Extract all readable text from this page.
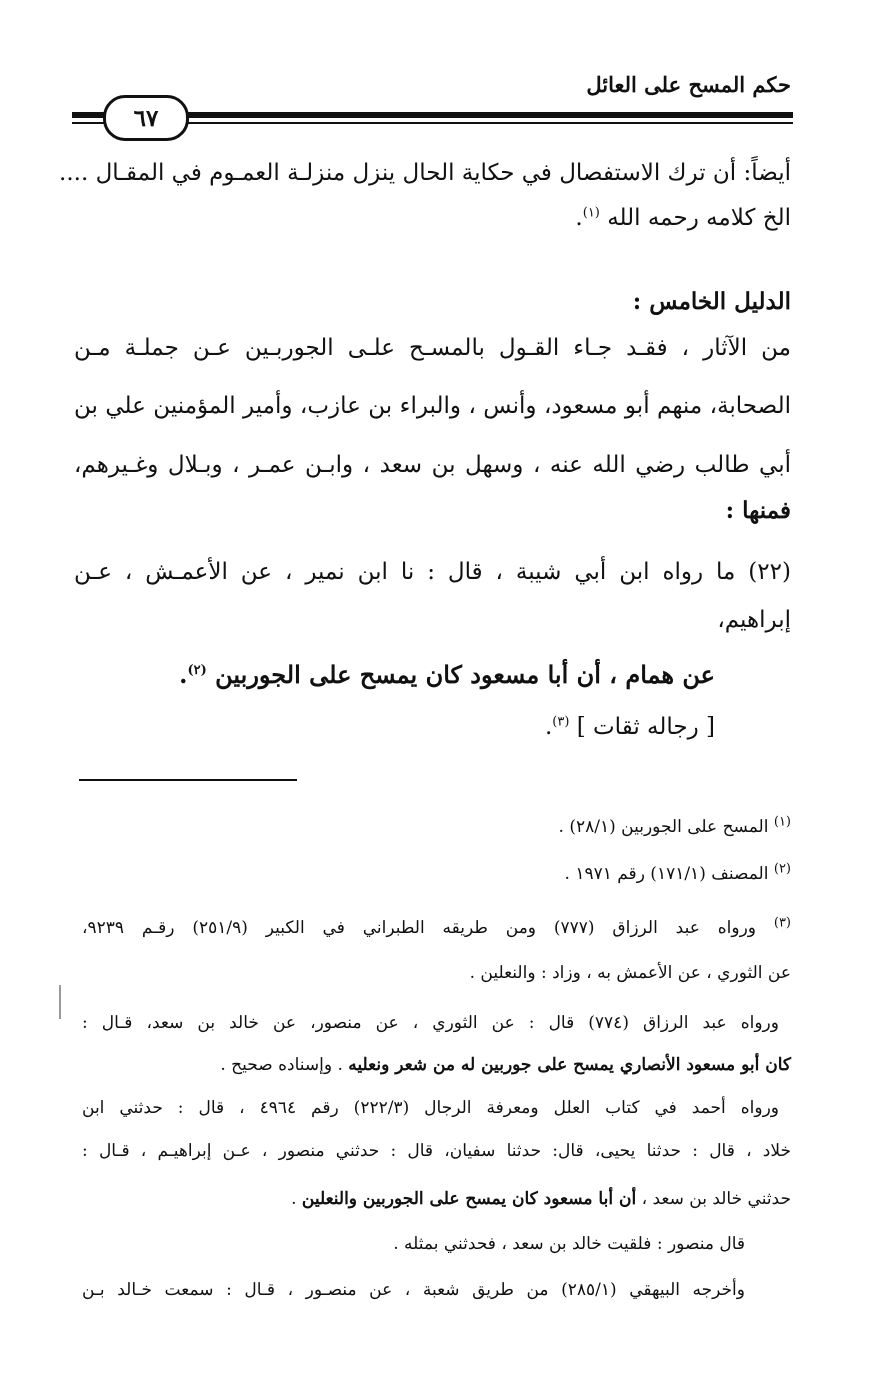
حكم المسح على العائل
٦٧
أيضاً: أن ترك الاستفصال في حكاية الحال ينزل منزلـة العمـوم في المقـال ....
الخ كلامه رحمه الله $^{(١)}$.
الدليل الخامس :
من الآثار ، فقـد جـاء القـول بالمسـح علـى الجوربـين عـن جملـة مـن
الصحابة، منهم أبو مسعود، وأنس ، والبراء بن عازب، وأمير المؤمنين علي بن
أبي طالب رضي الله عنه ، وسهل بن سعد ، وابـن عمـر ، وبـلال وغـيرهم،
فمنها :
(٢٢) ما رواه ابن أبي شيبة ، قال : نا ابن نمير ، عن الأعمـش ، عـن
إبراهيم،
عن همام ، أن أبا مسعود كان يمسح على الجوربين $^{(٢)}$.
[ رجاله ثقات ] $^{(٣)}$.
$^{(١)}$ المسح على الجوربين (٢٨/١) .
$^{(٢)}$ المصنف (١٧١/١) رقم ١٩٧١ .
$^{(٣)}$ ورواه عبد الرزاق (٧٧٧) ومن طريقه الطبراني في الكبير (٢٥١/٩) رقـم ٩٢٣٩،
عن الثوري ، عن الأعمش به ، وزاد : والنعلين .
ورواه عبد الرزاق (٧٧٤) قال : عن الثوري ، عن منصور، عن خالد بن سعد، قـال :
كان أبو مسعود الأنصاري يمسح على جوربين له من شعر ونعليه . وإسناده صحيح .
ورواه أحمد في كتاب العلل ومعرفة الرجال (٢٢٢/٣) رقم ٤٩٦٤ ، قال : حدثني ابن
خلاد ، قال : حدثنا يحيى، قال: حدثنا سفيان، قال : حدثني منصور ، عـن إبراهيـم ، قـال :
حدثني خالد بن سعد ، أن أبا مسعود كان يمسح على الجوربين والنعلين .
قال منصور : فلقيت خالد بن سعد ، فحدثني بمثله .
وأخرجه البيهقي (٢٨٥/١) من طريق شعبة ، عن منصـور ، قـال : سمعت خـالد بـن
